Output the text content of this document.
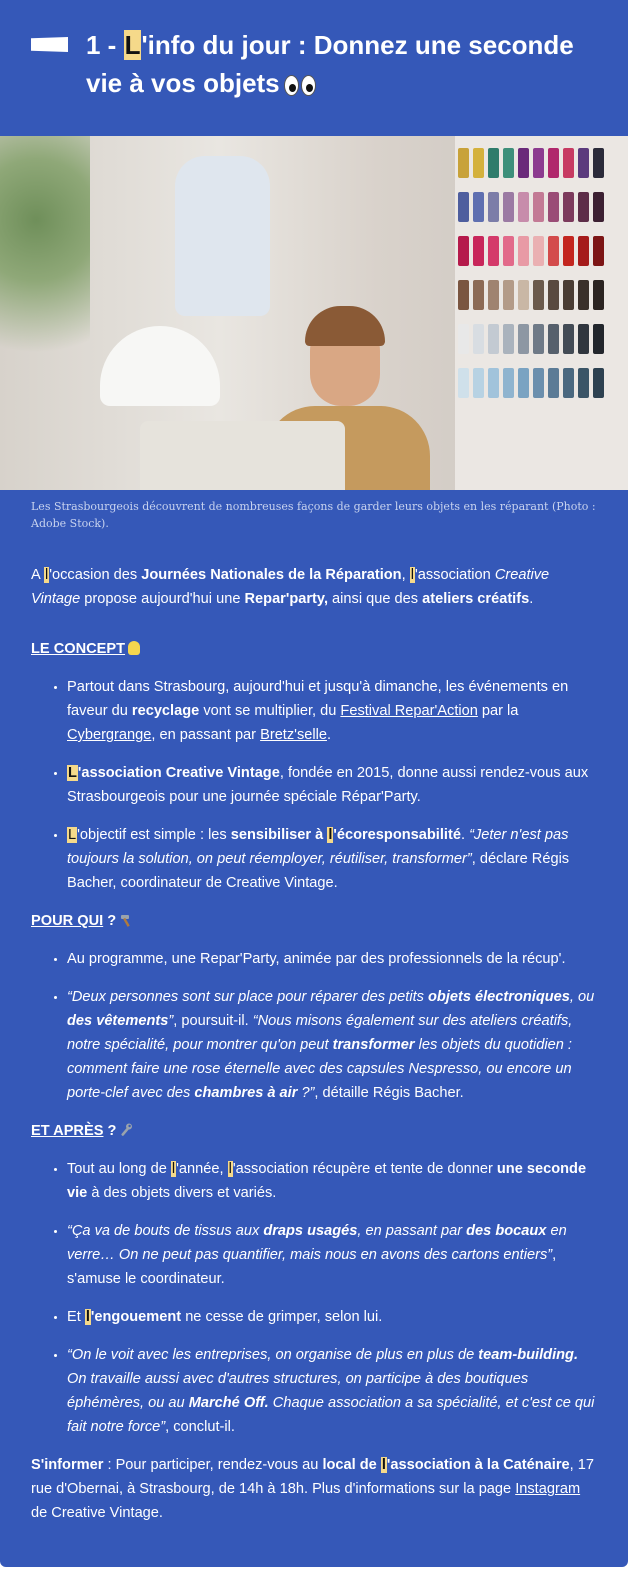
1 - L'info du jour : Donnez une seconde vie à vos objets

Les Strasbourgeois découvrent de nombreuses façons de garder leurs objets en les réparant (Photo : Adobe Stock).

A l'occasion des Journées Nationales de la Réparation, l'association Creative Vintage propose aujourd'hui une Repar'party, ainsi que des ateliers créatifs.

LE CONCEPT

• Partout dans Strasbourg, aujourd'hui et jusqu'à dimanche, les événements en faveur du recyclage vont se multiplier, du Festival Repar'Action par la Cybergrange, en passant par Bretz'selle.
• L'association Creative Vintage, fondée en 2015, donne aussi rendez-vous aux Strasbourgeois pour une journée spéciale Répar'Party.
• L'objectif est simple : les sensibiliser à l'écoresponsabilité. “Jeter n'est pas toujours la solution, on peut réemployer, réutiliser, transformer”, déclare Régis Bacher, coordinateur de Creative Vintage.

POUR QUI ?

• Au programme, une Repar'Party, animée par des professionnels de la récup'.
• “Deux personnes sont sur place pour réparer des petits objets électroniques, ou des vêtements”, poursuit-il. “Nous misons également sur des ateliers créatifs, notre spécialité, pour montrer qu'on peut transformer les objets du quotidien : comment faire une rose éternelle avec des capsules Nespresso, ou encore un porte-clef avec des chambres à air ?”, détaille Régis Bacher.

ET APRÈS ?

• Tout au long de l'année, l'association récupère et tente de donner une seconde vie à des objets divers et variés.
• “Ça va de bouts de tissus aux draps usagés, en passant par des bocaux en verre… On ne peut pas quantifier, mais nous en avons des cartons entiers”, s'amuse le coordinateur.
• Et l'engouement ne cesse de grimper, selon lui.
• “On le voit avec les entreprises, on organise de plus en plus de team-building. On travaille aussi avec d'autres structures, on participe à des boutiques éphémères, ou au Marché Off. Chaque association a sa spécialité, et c'est ce qui fait notre force”, conclut-il.

S'informer : Pour participer, rendez-vous au local de l'association à la Caténaire, 17 rue d'Obernai, à Strasbourg, de 14h à 18h. Plus d'informations sur la page Instagram de Creative Vintage.
